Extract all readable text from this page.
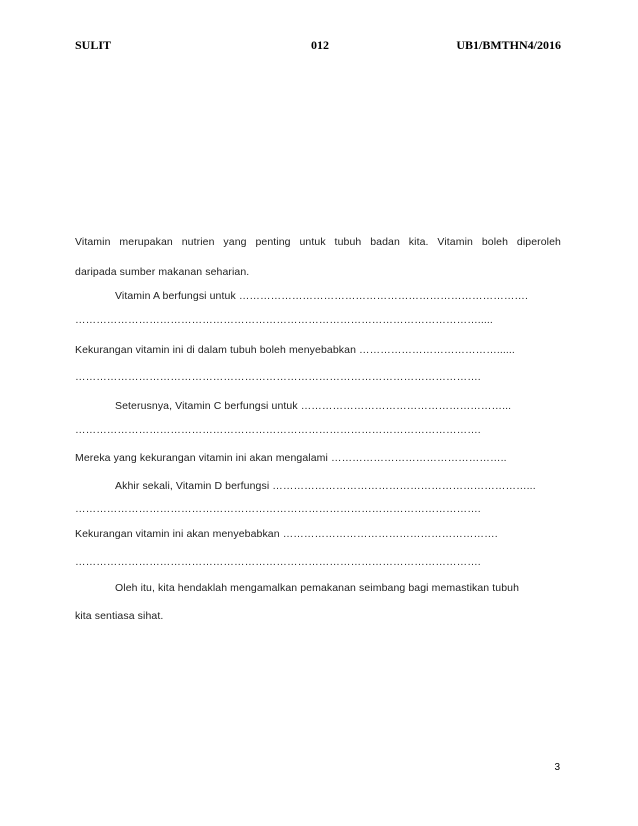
SULIT	012	UB1/BMTHN4/2016
Vitamin merupakan nutrien yang penting untuk tubuh badan kita. Vitamin boleh diperoleh
daripada sumber makanan seharian.
Vitamin A berfungsi untuk ……………………………………………………………………….
…………………………………………………………………………………………………….....
Kekurangan vitamin ini di dalam tubuh boleh menyebabkan …………………………………......
…………………………………………………………………………………………………….
Seterusnya, Vitamin C berfungsi untuk …………………………………………………...
…………………………………………………………………………………………………….
Mereka yang kekurangan vitamin ini akan mengalami …………………………………………..
Akhir sekali, Vitamin D berfungsi ………………………………………………………………...
…………………………………………………………………………………………………….
Kekurangan vitamin ini akan menyebabkan …………………………………………………….
…………………………………………………………………………………………………….
Oleh itu, kita hendaklah mengamalkan pemakanan seimbang bagi memastikan tubuh
kita sentiasa sihat.
3
